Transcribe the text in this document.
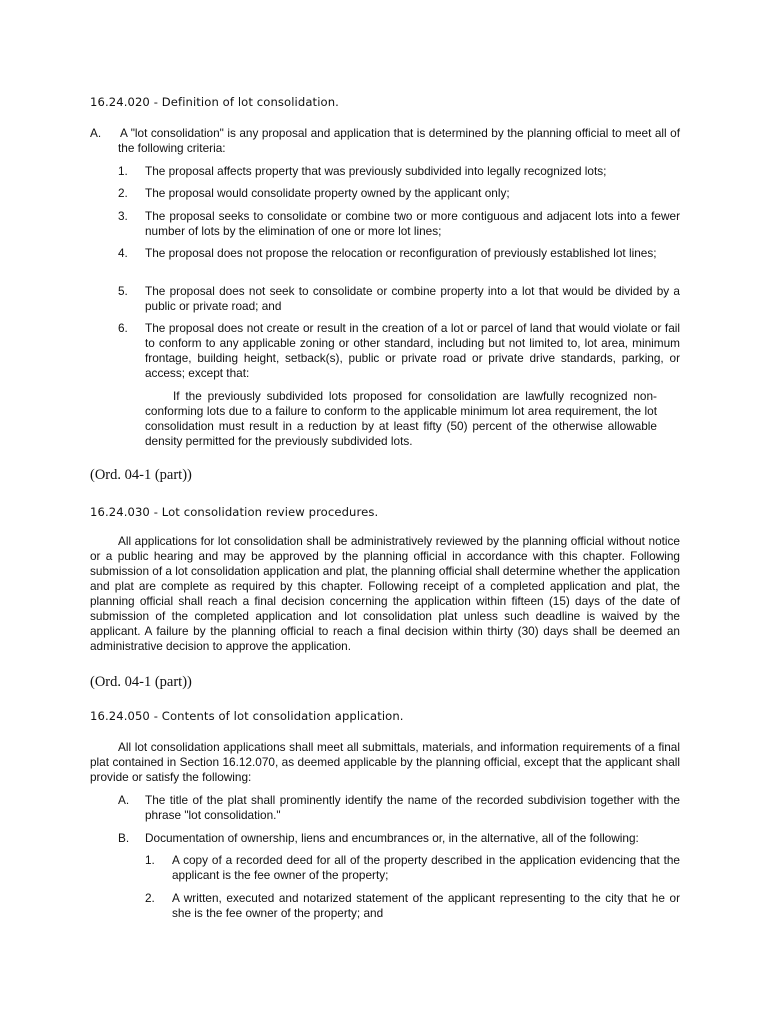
16.24.020 - Definition of lot consolidation.
A. A "lot consolidation" is any proposal and application that is determined by the planning official to meet all of the following criteria:
1. The proposal affects property that was previously subdivided into legally recognized lots;
2. The proposal would consolidate property owned by the applicant only;
3. The proposal seeks to consolidate or combine two or more contiguous and adjacent lots into a fewer number of lots by the elimination of one or more lot lines;
4. The proposal does not propose the relocation or reconfiguration of previously established lot lines;
5. The proposal does not seek to consolidate or combine property into a lot that would be divided by a public or private road; and
6. The proposal does not create or result in the creation of a lot or parcel of land that would violate or fail to conform to any applicable zoning or other standard, including but not limited to, lot area, minimum frontage, building height, setback(s), public or private road or private drive standards, parking, or access; except that:
If the previously subdivided lots proposed for consolidation are lawfully recognized non-conforming lots due to a failure to conform to the applicable minimum lot area requirement, the lot consolidation must result in a reduction by at least fifty (50) percent of the otherwise allowable density permitted for the previously subdivided lots.
(Ord. 04-1 (part))
16.24.030 - Lot consolidation review procedures.
All applications for lot consolidation shall be administratively reviewed by the planning official without notice or a public hearing and may be approved by the planning official in accordance with this chapter. Following submission of a lot consolidation application and plat, the planning official shall determine whether the application and plat are complete as required by this chapter. Following receipt of a completed application and plat, the planning official shall reach a final decision concerning the application within fifteen (15) days of the date of submission of the completed application and lot consolidation plat unless such deadline is waived by the applicant. A failure by the planning official to reach a final decision within thirty (30) days shall be deemed an administrative decision to approve the application.
(Ord. 04-1 (part))
16.24.050 - Contents of lot consolidation application.
All lot consolidation applications shall meet all submittals, materials, and information requirements of a final plat contained in Section 16.12.070, as deemed applicable by the planning official, except that the applicant shall provide or satisfy the following:
A. The title of the plat shall prominently identify the name of the recorded subdivision together with the phrase "lot consolidation."
B. Documentation of ownership, liens and encumbrances or, in the alternative, all of the following:
1. A copy of a recorded deed for all of the property described in the application evidencing that the applicant is the fee owner of the property;
2. A written, executed and notarized statement of the applicant representing to the city that he or she is the fee owner of the property; and
